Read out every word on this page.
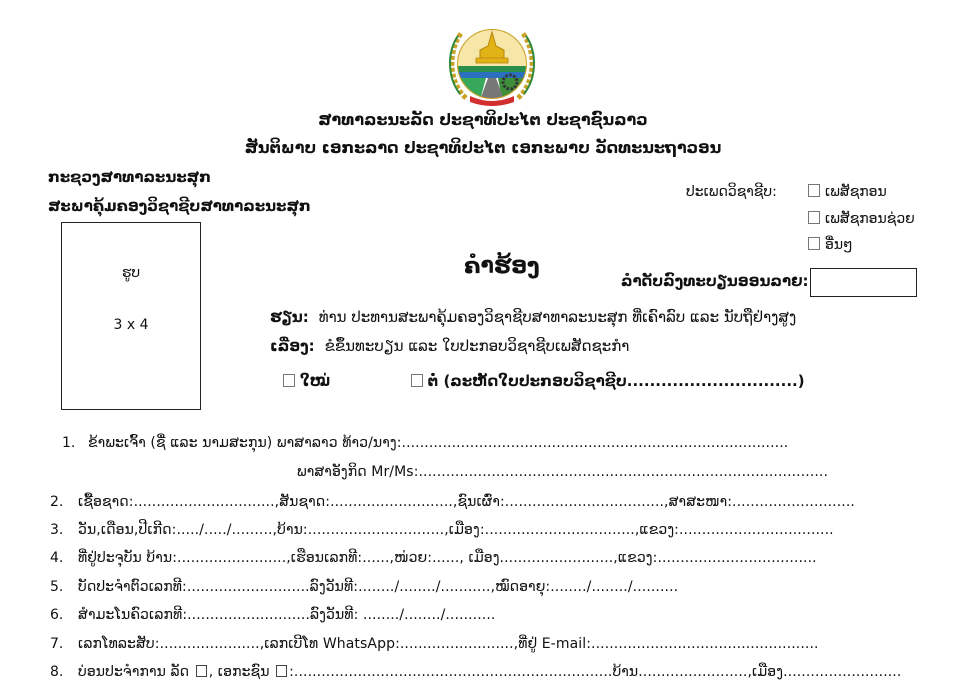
ສາທາລະນະລັດ ປະຊາທິປະໄຕ ປະຊາຊົນລາວ
ສັນຕິພາບ ເອກະລາດ ປະຊາທິປະໄຕ ເອກະພາບ ວັດທະນະຖາວອນ
ກະຊວງສາທາລະນະສຸກ
ສະພາຄຸ້ມຄອງວິຊາຊີບສາທາລະນະສຸກ
ປະເພດວິຊາຊີບ:	ເພສັຊກອນ
ເພສັຊກອນຊ່ວຍ
ອື່ນໆ
ຮູບ
3 x 4
ຄໍາຮ້ອງ
ລໍາດັບລົງທະບຽນອອນລາຍ:
ຮຽນ: ທ່ານ ປະທານສະພາຄຸ້ມຄອງວິຊາຊີບສາທາລະນະສຸກ ທີ່ເຄົາລົບ ແລະ ນັບຖືຢ່າງສູງ
ເລື່ອງ: ຂໍຂຶ້ນທະບຽນ ແລະ ໃບປະກອບວິຊາຊີບເພສັດຊະກໍາ
ໃໝ່	ຕໍ່ (ລະຫັດໃບປະກອບວິຊາຊີບ..............................)
1. ຂ້າພະເຈົ້າ (ຊື່ ແລະ ນາມສະກຸນ) ພາສາລາວ ທ້າວ/ນາງ:.....................................................................................
ພາສາອັງກິດ Mr/Ms:..........................................................................................
2. ເຊື້ອຊາດ:...............................,ສັນຊາດ:...........................,ຊົນເຜົ່າ:...................................,ສາສະໜາ:...........................
3. ວັນ,ເດືອນ,ປີເກີດ:...../...../.........,ບ້ານ:..............................,ເມືອງ:.................................,ແຂວງ:..................................
4. ທີ່ຢູ່ປະຈຸບັນ ບ້ານ:........................,ເຮືອນເລກທີ:......,ໜ່ວຍ:......, ເມືອງ.........................,ແຂວງ:...................................
5. ບັດປະຈໍາຕົວເລກທີ:...........................ລົງວັນທີ:......../......../...........,ໝົດອາຍຸ:......../......../..........
6. ສໍາມະໂນຄົວເລກທີ:...........................ລົງວັນທີ: ......../......../...........
7. ເລກໂທລະສັບ:......................,ເລກເບີໂທ WhatsApp:.........................,ທີ່ຢູ່ E-mail:..................................................
8. ບ່ອນປະຈໍາການ ລັດ , ເອກະຊົນ :......................................................................ບ້ານ........................,ເມືອງ..........................
